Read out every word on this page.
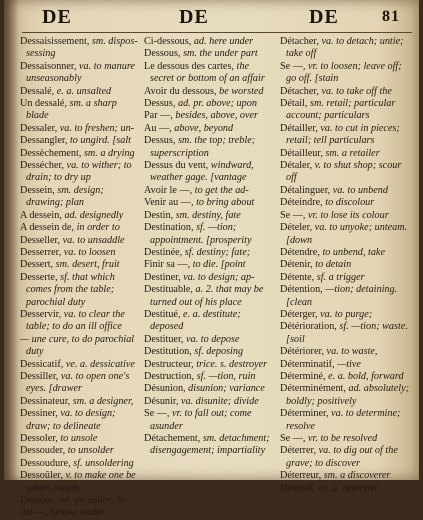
DE	DE	DE	81
Dessaisissement, sm. dispos-sessing
Dessaisonner, va. to manure unseasonably
Dessalé, e. a. unsalted
Un dessalé, sm. a sharp blade
Dessaler, va. to freshen; un-
Dessangler, to ungird. [salt
Dessèchement, sm. a drying
Dessécher, va. to wither; to drain; to dry up
Dessein, sm. design; drawing; plan
A dessein, ad. designedly
A dessein de, in order to
Desseller, va. to unsaddle
Desserrer, va. to loosen
Dessert, sm. desert, fruit
Desserte, sf. that which comes from the table; parochial duty
Desservir, va. to clear the table; to do an ill office
— une cure, to do parochial duty
Dessicatif, ve. a. dessicative
Dessiller, va. to open one's eyes. [drawer
Dessinateur, sm. a designer,
Dessiner, va. to design; draw; to delineate
Dessoler, to unsole
Dessouder, to unsolder
Dessoudure, sf. unsoldering
Dessoûler, v. to make one be sober. [neath
Dessous, ad. pr. under; be-
Au —, below; under
Ci-dessous, ad. here under
Dessous, sm. the under part
Le dessous des cartes, the secret or bottom of an affair
Avoir du dessous, be worsted
Dessus, ad. pr. above; upon
Par —, besides, above, over
Au —, above, beyond
Dessus, sm. the top; treble; superscription
Dessus du vent, windward, weather gage. [vantage
Avoir le —, to get the ad-
Venir au —, to bring about
Destin, sm. destiny, fate
Destination, sf. —tion; appointment. [prosperity
Destinée, sf. destiny; fate;
Finir sa —, to die. [point
Destiner, va. to design; ap-
Destituable, a. 2. that may be turned out of his place
Destitué, e. a. destitute; deposed
Destituer, va. to depose
Destitution, sf. deposing
Destructeur, trice. s. destroyer
Destruction, sf. —tion, ruin
Désunion, disunion; variance
Désunir, va. disunite; divide
Se —, vr. to fall out; come asunder
Détachement, sm. detachment; disengagement; impartiality
Détacher, va. to detach; untie; take off
Se —, vr. to loosen; leave off; go off. [stain
Détacher, va. to take off the
Détail, sm. retail; particular account; particulars
Détailler, va. to cut in pieces; retail; tell particulars
Détailleur, sm. a retailer
Détaler, v. to shut shop; scour off
Détalinguer, va. to unbend
Déteindre, to discolour
Se —, vr. to lose its colour
Dételer, va. to unyoke; unteam. [down
Détendre, to unbend, take
Détenir, to detain
Détente, sf. a trigger
Détention, —tion; detaining. [clean
Déterger, va. to purge;
Détérioration, sf. —tion; waste. [soil
Détériorer, va. to waste,
Déterminatif, —tive
Déterminé, e. a. bold, forward
Déterminément, ad. absolutely; boldly; positively
Déterminer, va. to determine; resolve
Se —, vr. to be resolved
Déterrer, va. to dig out of the grave; to discover
Déterreur, sm. a discoverer
Détersif, ve. a. detersive
